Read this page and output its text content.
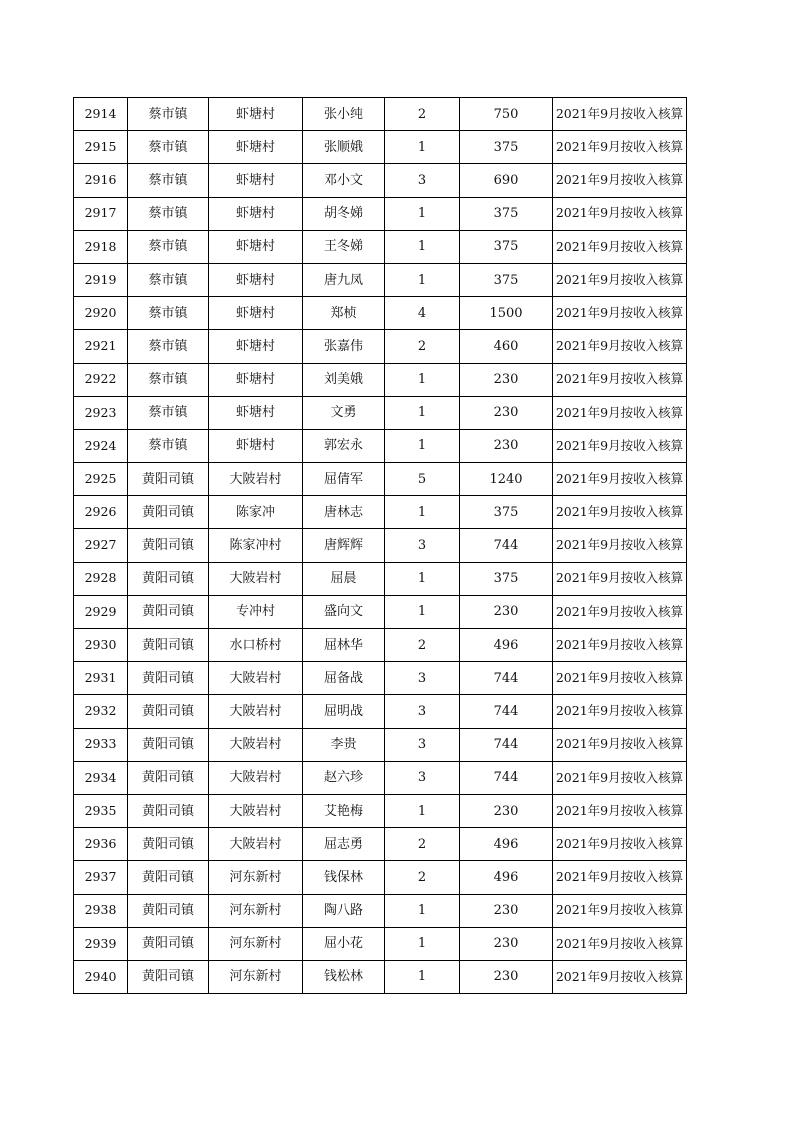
2914	蔡市镇	虾塘村	张小纯	2	750	2021年9月按收入核算
2915	蔡市镇	虾塘村	张顺娥	1	375	2021年9月按收入核算
2916	蔡市镇	虾塘村	邓小文	3	690	2021年9月按收入核算
2917	蔡市镇	虾塘村	胡冬娣	1	375	2021年9月按收入核算
2918	蔡市镇	虾塘村	王冬娣	1	375	2021年9月按收入核算
2919	蔡市镇	虾塘村	唐九凤	1	375	2021年9月按收入核算
2920	蔡市镇	虾塘村	郑桢	4	1500	2021年9月按收入核算
2921	蔡市镇	虾塘村	张嘉伟	2	460	2021年9月按收入核算
2922	蔡市镇	虾塘村	刘美娥	1	230	2021年9月按收入核算
2923	蔡市镇	虾塘村	文勇	1	230	2021年9月按收入核算
2924	蔡市镇	虾塘村	郭宏永	1	230	2021年9月按收入核算
2925	黄阳司镇	大陂岩村	屈倩军	5	1240	2021年9月按收入核算
2926	黄阳司镇	陈家冲	唐林志	1	375	2021年9月按收入核算
2927	黄阳司镇	陈家冲村	唐辉辉	3	744	2021年9月按收入核算
2928	黄阳司镇	大陂岩村	屈晨	1	375	2021年9月按收入核算
2929	黄阳司镇	专冲村	盛向文	1	230	2021年9月按收入核算
2930	黄阳司镇	水口桥村	屈林华	2	496	2021年9月按收入核算
2931	黄阳司镇	大陂岩村	屈备战	3	744	2021年9月按收入核算
2932	黄阳司镇	大陂岩村	屈明战	3	744	2021年9月按收入核算
2933	黄阳司镇	大陂岩村	李贵	3	744	2021年9月按收入核算
2934	黄阳司镇	大陂岩村	赵六珍	3	744	2021年9月按收入核算
2935	黄阳司镇	大陂岩村	艾艳梅	1	230	2021年9月按收入核算
2936	黄阳司镇	大陂岩村	屈志勇	2	496	2021年9月按收入核算
2937	黄阳司镇	河东新村	钱保林	2	496	2021年9月按收入核算
2938	黄阳司镇	河东新村	陶八路	1	230	2021年9月按收入核算
2939	黄阳司镇	河东新村	屈小花	1	230	2021年9月按收入核算
2940	黄阳司镇	河东新村	钱松林	1	230	2021年9月按收入核算
